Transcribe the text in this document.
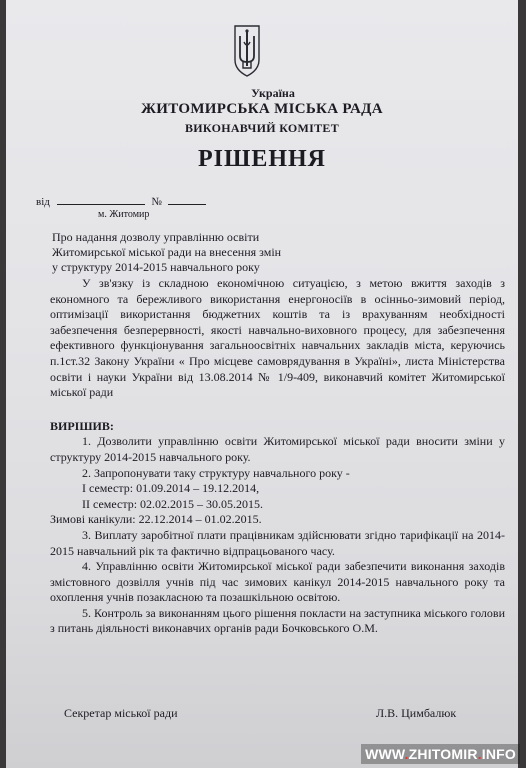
Україна
ЖИТОМИРСЬКА МІСЬКА РАДА
ВИКОНАВЧИЙ КОМІТЕТ
РІШЕННЯ
від	№
м. Житомир
Про надання дозволу управлінню освіти
Житомирської міської ради на внесення змін
у структуру 2014-2015 навчального року
У зв'язку із складною економічною ситуацією, з метою вжиття заходів з економного та бережливого використання енергоносіїв в осінньо-зимовий період, оптимізації використання бюджетних коштів та із врахуванням необхідності забезпечення безперервності, якості навчально-виховного процесу, для забезпечення ефективного функціонування загальноосвітніх навчальних закладів міста, керуючись п.1ст.32 Закону України « Про місцеве самоврядування в Україні», листа Міністерства освіти і науки України від 13.08.2014 № 1/9-409, виконавчий комітет Житомирської міської ради
ВИРІШИВ:
1. Дозволити управлінню освіти Житомирської міської ради вносити зміни у структуру 2014-2015 навчального року.
2. Запропонувати таку структуру навчального року -
І семестр: 01.09.2014 – 19.12.2014,
ІІ семестр: 02.02.2015 – 30.05.2015.
Зимові канікули: 22.12.2014 – 01.02.2015.
3. Виплату заробітної плати працівникам здійснювати згідно тарифікації на 2014-2015 навчальний рік та фактично відпрацьованого часу.
4. Управлінню освіти Житомирської міської ради забезпечити виконання заходів змістовного дозвілля учнів під час зимових канікул 2014-2015 навчального року та охоплення учнів позакласною та позашкільною освітою.
5. Контроль за виконанням цього рішення покласти на заступника міського голови з питань діяльності виконавчих органів ради Бочковського О.М.
Секретар міської ради	Л.В. Цимбалюк
WWW.ZHITOMIR.INFO
